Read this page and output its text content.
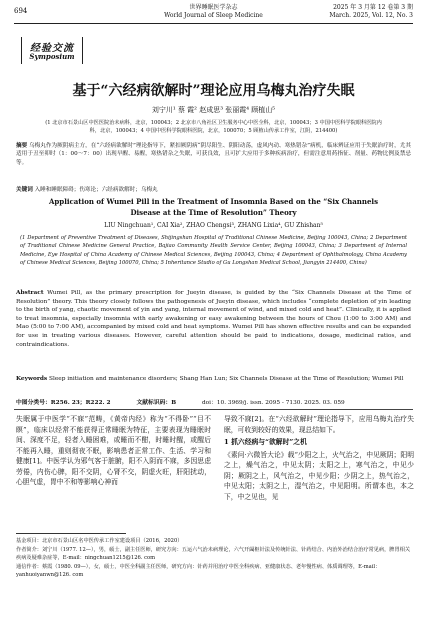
694	世界睡眠医学杂志
World Journal of Sleep Medicine
2025 年 3 月第 12 卷第 3 期
March. 2025, Vol. 12, No. 3
经验交流
Symposium
基于“六经病欲解时”理论应用乌梅丸治疗失眠
刘宁川¹ 蔡 霞² 赵成思³ 张丽霞⁴ 顾植山⁵
(1 北京市石景山区中医医院治未病科，北京，100043；2 北京市八角社区卫生服务中心中医全科，北京，100043；3 中国中医科学院眼科医院内科，北京，100043；4 中国中医科学院眼科医院，北京，100070；5 顾植山传承工作室，江阴，214400)
摘要 乌梅丸作为厥阴病主方，在“六经病欲解时”理论指导下，紧扣厥阴病“阴尽阳生、阴阳动荡，虚风内动、寒热错杂”病机，临床辨证应用于失眠治疗时，尤其适用于丑至卯时（1：00～7：00）出现早醒、易醒，寒热错杂之失眠，可获良效，且可扩大应用于多种疾病治疗，但需注意用药指征、剂量、药物比例及禁忌等。
关键词 入睡和睡眠障碍；伤寒论；六经病欲解时；乌梅丸
Application of Wumei Pill in the Treatment of Insomnia Based on the “Six Channels Disease at the Time of Resolution” Theory
LIU Ningchuan¹, CAI Xia², ZHAO Chengsi³, ZHANG Lixia⁴, GU Zhishan⁵
(1 Department of Preventive Treatment of Diseases, Shijingshan Hospital of Traditional Chinese Medicine, Beijing 100043, China; 2 Department of Traditional Chinese Medicine General Practice, Bajiao Community Health Service Center, Beijing 100043, China; 3 Department of Internal Medicine, Eye Hospital of China Academy of Chinese Medical Sciences, Beijing 100043, China; 4 Department of Ophthalmology, China Academy of Chinese Medical Sciences, Beijing 100070, China; 5 Inheritance Studio of Gu Longshan Medical School, Jiangyin 214400, China)
Abstract Wumei Pill, as the primary prescription for Jueyin disease, is guided by the “Six Channels Disease at the Time of Resolution” theory. This theory closely follows the pathogenesis of Jueyin disease, which includes “complete depletion of yin leading to the birth of yang, chaotic movement of yin and yang, internal movement of wind, and mixed cold and heat”. Clinically, it is applied to treat insomnia, especially insomnia with early awakening or easy awakening between the hours of Chou (1:00 to 3:00 AM) and Mao (5:00 to 7:00 AM), accompanied by mixed cold and heat symptoms. Wumei Pill has shown effective results and can be expanded for use in treating various diseases. However, careful attention should be paid to indications, dosage, medicinal ratios, and contraindications.
Keywords Sleep initiation and maintenance disorders; Shang Han Lun; Six Channels Disease at the Time of Resolution; Wumei Pill
中图分类号：R256. 23；R222. 2	文献标识码：B	doi：10. 3969/j. issn. 2095 - 7130. 2025. 03. 059
失眠属于中医学“不寐”范畴，《黄帝内经》称为“不得卧”“目不瞑”，临床以经常不能获得正常睡眠为特征，主要表现为睡眠时间、深度不足，轻者入睡困难，或睡而不酣，时睡时醒，或醒后不能再入睡，重则彻夜不眠，影响患者正常工作、生活、学习和健康[1]。中医学认为邪气客于脏腑，阳不入阴而不寐，多因思虑劳倦，内伤心脾，阳不交阴，心肾不交，阴虚火旺，肝阳扰动，心胆气虚，胃中不和等影响心神而
导致不寐[2]。在“六经欲解时”理论指导下，应用乌梅丸治疗失眠，可收到较好的效果，现总结如下。
1 抓六经病与“欲解时”之机
《素问·六微旨大论》载“少阳之上，火气治之，中见厥阴；阳明之上，燥气治之，中见太阴；太阳之上，寒气治之，中见少阴；厥阴之上，风气治之，中见少阳；少阴之上，热气治之，中见太阳；太阴之上，湿气治之，中见阳明。所谓本也，本之下，中之见也，见

基金项目：北京市石景山区名中医传承工作室建设项目（2016，2020）

作者简介：刘宁川（1977. 12—），男，硕士，副主任医师，研究方向：五运六气治未病理论，六气开阖枢针法及传统针法、针药结合、内治外治结合治疗常见病，脾胃相关疾病及疑难杂症等，E-mail：ningchuan1215@126. com

通信作者：蔡霞（1980. 09—），女，硕士，中医全科副主任医师，研究方向：针药并用治疗中医全科疾病、亚健康状态、老年慢性病、体质调理等，E-mail：yanhuoiyanwn@126. com
